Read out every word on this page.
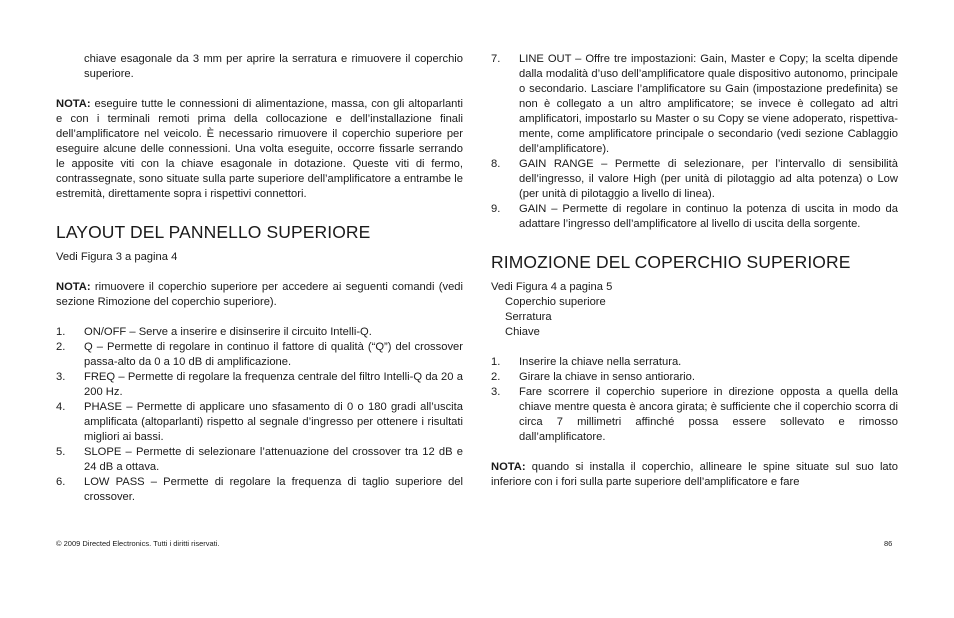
chiave esagonale da 3 mm per aprire la serratura e rimuovere il coperchio superiore.

NOTA: eseguire tutte le connessioni di alimentazione, massa, con gli altoparlanti e con i terminali remoti prima della collocazione e dell’installazione finali dell’amplificatore nel veicolo. È necessario rimuovere il coperchio superiore per eseguire alcune delle connessioni. Una volta eseguite, occorre fissarle serrando le apposite viti con la chiave esagonale in dotazione. Queste viti di fermo, contrassegnate, sono situate sulla parte superiore dell’amplificatore a entrambe le estremità, direttamente sopra i rispettivi connettori.

LAYOUT DEL PANNELLO SUPERIORE

Vedi Figura 3 a pagina 4

NOTA: rimuovere il coperchio superiore per accedere ai seguenti comandi (vedi sezione Rimozione del coperchio superiore).

1.	ON/OFF – Serve a inserire e disinserire il circuito Intelli-Q.
2.	Q – Permette di regolare in continuo il fattore di qualità (“Q”) del crossover passa-alto da 0 a 10 dB di amplificazione.
3.	FREQ – Permette di regolare la frequenza centrale del filtro Intelli-Q da 20 a 200 Hz.
4.	PHASE – Permette di applicare uno sfasamento di 0 o 180 gradi all’uscita amplificata (altoparlanti) rispetto al segnale d’ingresso per ottenere i risultati migliori ai bassi.
5.	SLOPE – Permette di selezionare l’attenuazione del crossover tra 12 dB e 24 dB a ottava.
6.	LOW PASS – Permette di regolare la frequenza di taglio superiore del crossover.
7.	LINE OUT – Offre tre impostazioni: Gain, Master e Copy; la scelta dipende dalla modalità d’uso dell’amplificatore quale dispositivo autonomo, principale o secondario. Lasciare l’amplificatore su Gain (impostazione predefinita) se non è collegato a un altro amplificatore; se invece è collegato ad altri amplificatori, impostarlo su Master o su Copy se viene adoperato, rispettivamente, come amplificatore principale o secondario (vedi sezione Cablaggio dell’amplificatore).
8.	GAIN RANGE – Permette di selezionare, per l’intervallo di sensibilità dell’ingresso, il valore High (per unità di pilotaggio ad alta potenza) o Low (per unità di pilotaggio a livello di linea).
9.	GAIN – Permette di regolare in continuo la potenza di uscita in modo da adattare l’ingresso dell’amplificatore al livello di uscita della sorgente.
RIMOZIONE DEL COPERCHIO SUPERIORE

Vedi Figura 4 a pagina 5

Coperchio superiore

Serratura

Chiave

1.	Inserire la chiave nella serratura.
2.	Girare la chiave in senso antiorario.
3.	Fare scorrere il coperchio superiore in direzione opposta a quella della chiave mentre questa è ancora girata; è sufficiente che il coperchio scorra di circa 7 millimetri affinché possa essere sollevato e rimosso dall’amplificatore.

NOTA: quando si installa il coperchio, allineare le spine situate sul suo lato inferiore con i fori sulla parte superiore dell’amplificatore e fare

© 2009 Directed Electronics. Tutti i diritti riservati.	86
